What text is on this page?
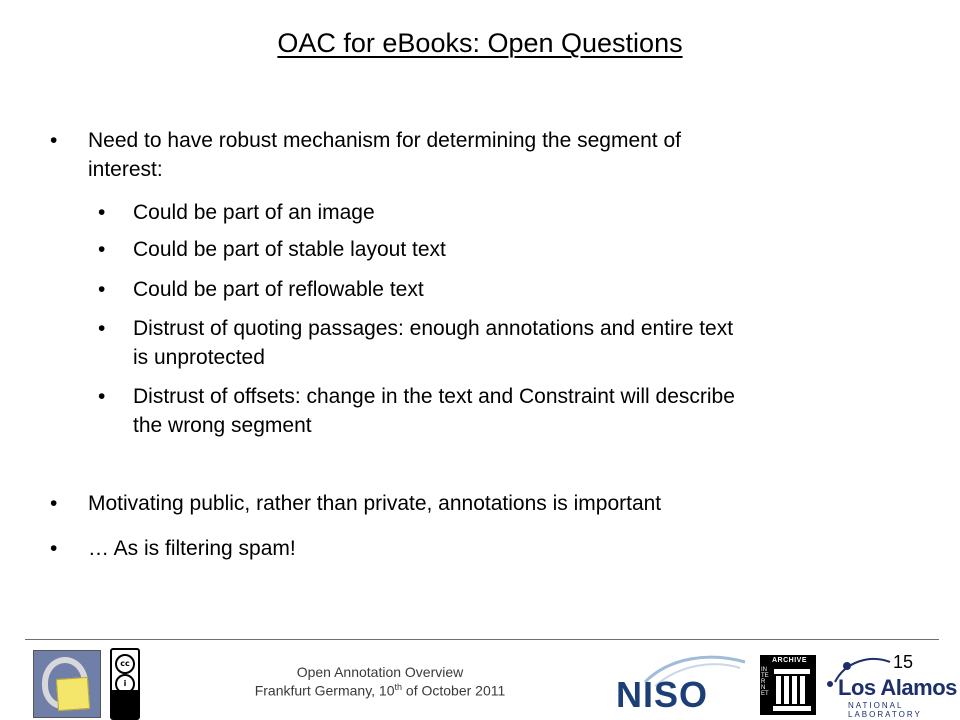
OAC for eBooks: Open Questions
• Need to have robust mechanism for determining the segment of
interest:
• Could be part of an image
• Could be part of stable layout text
• Could be part of reflowable text
• Distrust of quoting passages: enough annotations and entire text
is unprotected
• Distrust of offsets: change in the text and Constraint will describe
the wrong segment
• Motivating public, rather than private, annotations is important
• … As is filtering spam!
cc
i
Open Annotation Overview
Frankfurt Germany, 10th of October 2011	NISO
ARCHIVE
INTERNET	Los Alamos
NATIONAL LABORATORY
15
